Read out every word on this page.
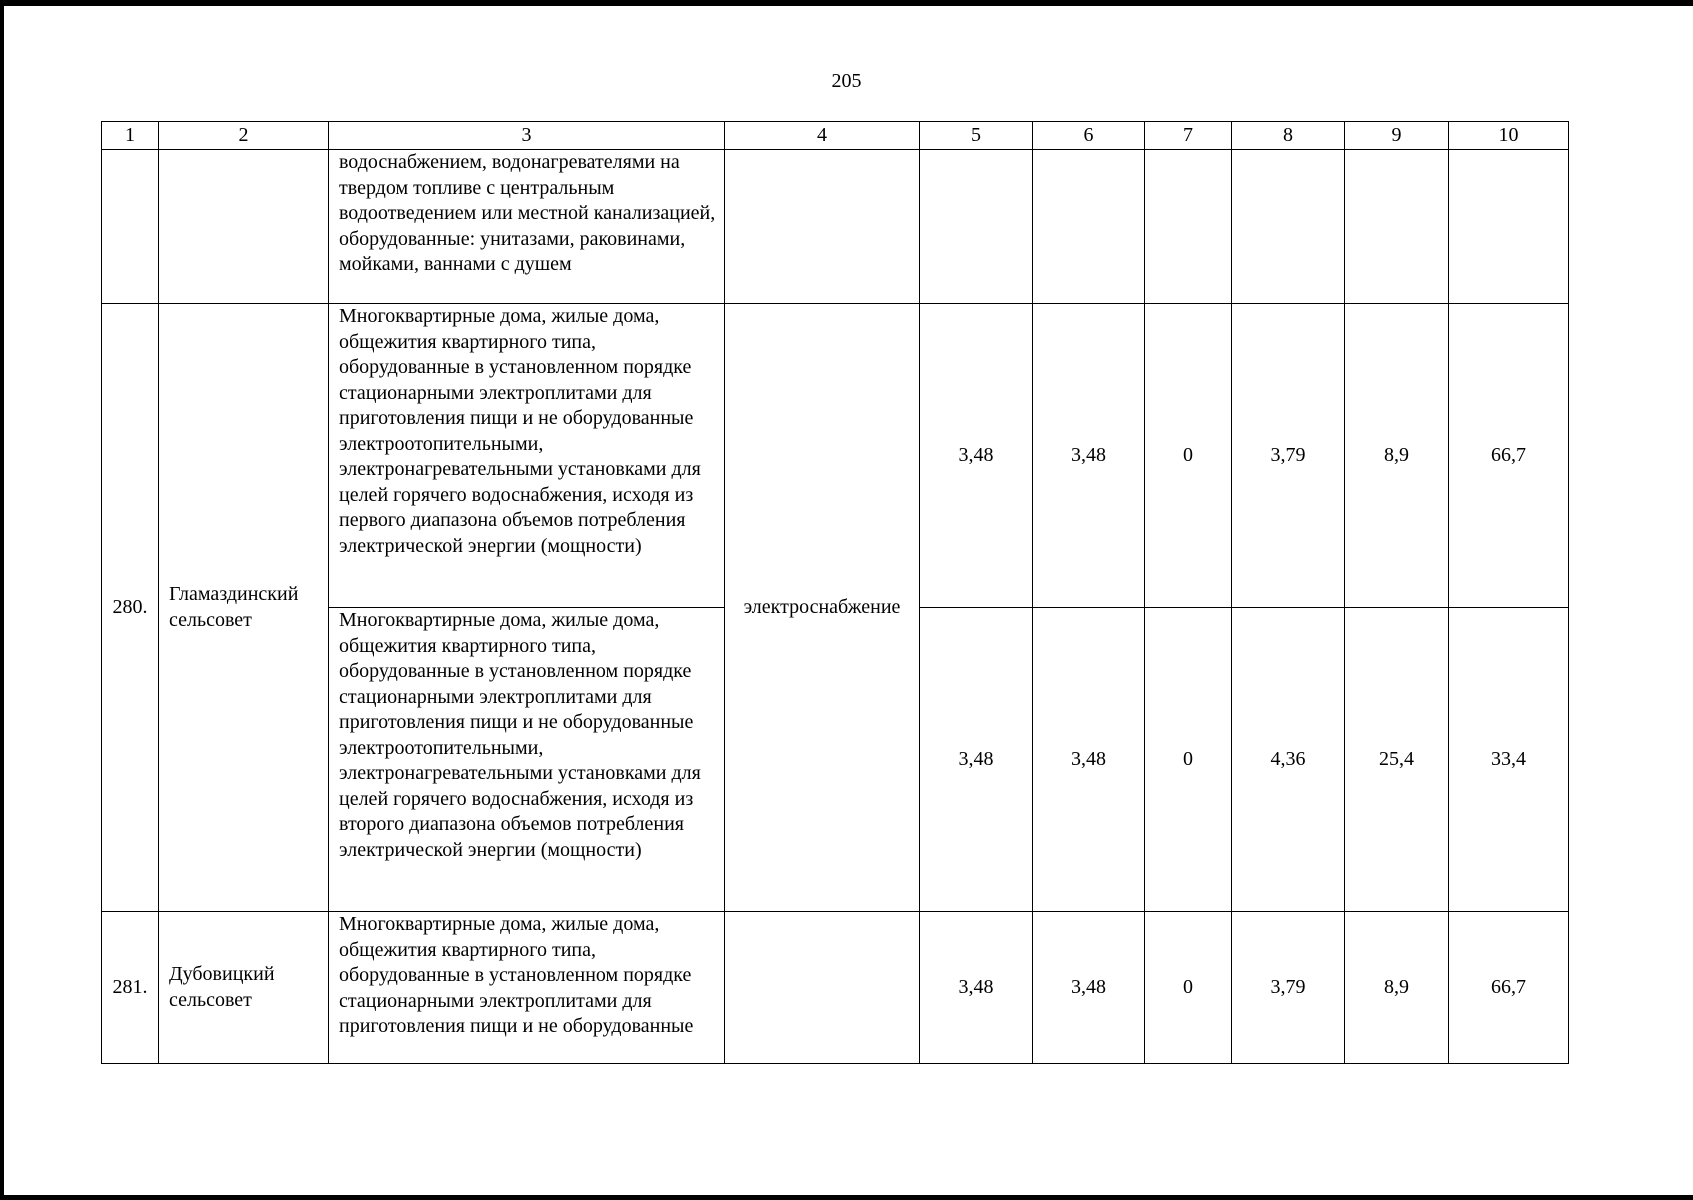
205
1	2	3	4	5	6	7	8	9	10

		водоснабжением, водонагревателями на твердом топливе с центральным водоотведением или местной канализацией, оборудованные: унитазами, раковинами, мойками, ваннами с душем							

280.	Гламаздинский сельсовет	Многоквартирные дома, жилые дома, общежития квартирного типа, оборудованные в установленном порядке стационарными электроплитами для приготовления пищи и не оборудованные электроотопительными, электронагревательными установками для целей горячего водоснабжения, исходя из первого диапазона объемов потребления электрической энергии (мощности)	электроснабжение	3,48	3,48	0	3,79	8,9	66,7

		Многоквартирные дома, жилые дома, общежития квартирного типа, оборудованные в установленном порядке стационарными электроплитами для приготовления пищи и не оборудованные электроотопительными, электронагревательными установками для целей горячего водоснабжения, исходя из второго диапазона объемов потребления электрической энергии (мощности)		3,48	3,48	0	4,36	25,4	33,4
281.	Дубовицкий сельсовет	Многоквартирные дома, жилые дома, общежития квартирного типа, оборудованные в установленном порядке стационарными электроплитами для приготовления пищи и не оборудованные		3,48	3,48	0	3,79	8,9	66,7
